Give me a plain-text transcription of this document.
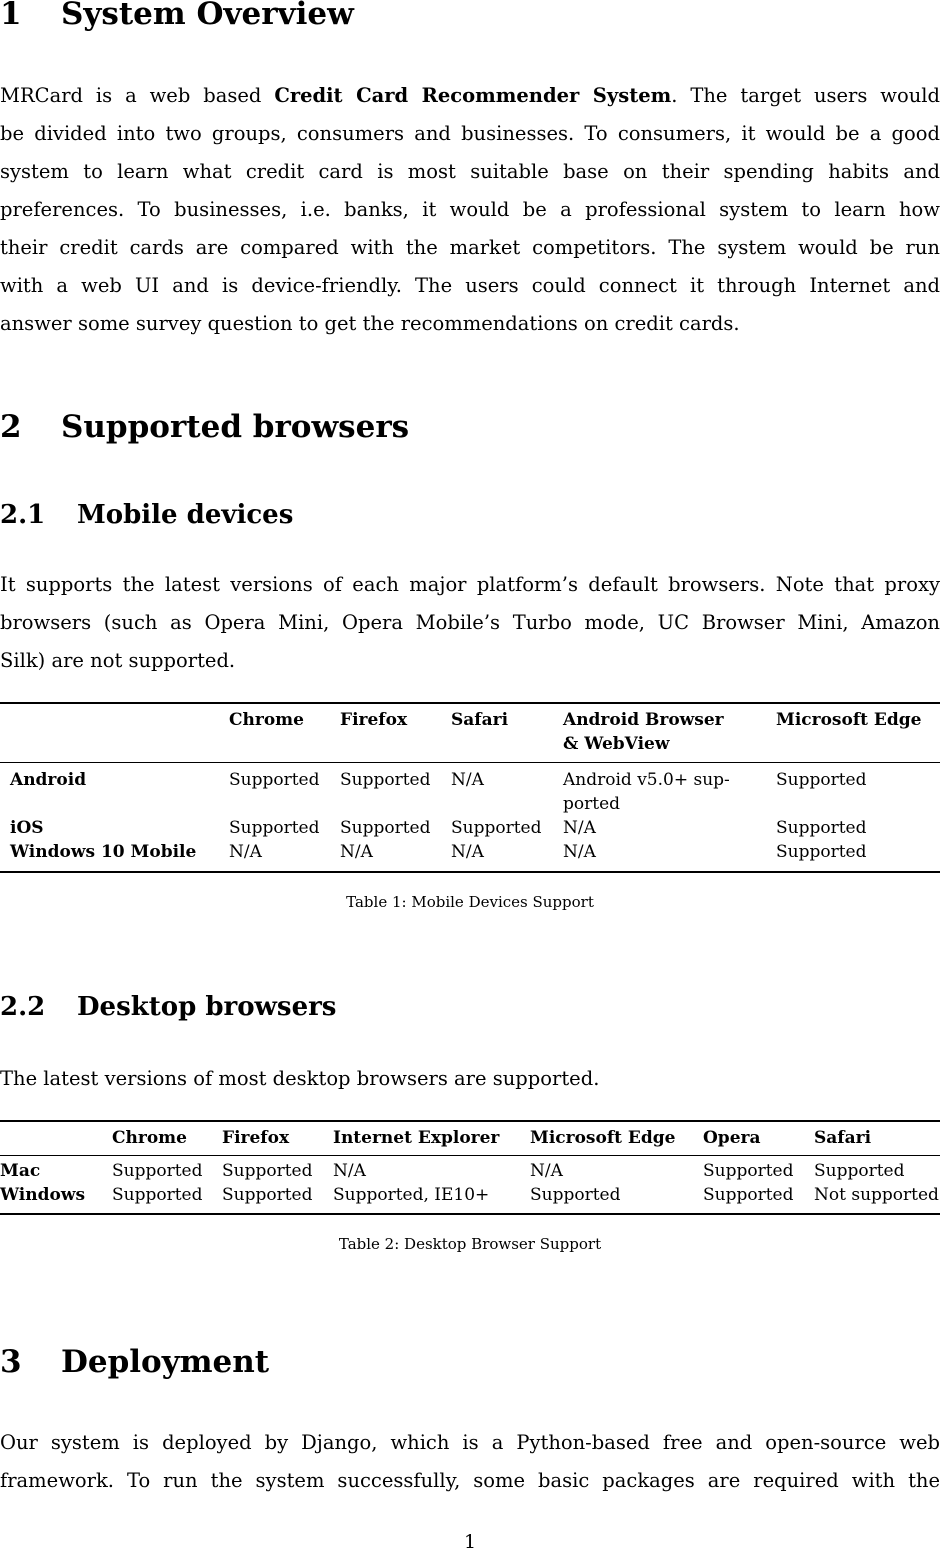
1 System Overview
MRCard is a web based Credit Card Recommender System. The target users would
be divided into two groups, consumers and businesses. To consumers, it would be a good
system to learn what credit card is most suitable base on their spending habits and
preferences. To businesses, i.e. banks, it would be a professional system to learn how
their credit cards are compared with the market competitors. The system would be run
with a web UI and is device-friendly. The users could connect it through Internet and
answer some survey question to get the recommendations on credit cards.
2 Supported browsers
2.1 Mobile devices
It supports the latest versions of each major platform’s default browsers. Note that proxy
browsers (such as Opera Mini, Opera Mobile’s Turbo mode, UC Browser Mini, Amazon
Silk) are not supported.
	Chrome	Firefox	Safari	Android Browser
& WebView	Microsoft Edge

Android	Supported	Supported	N/A	Android v5.0+ sup-
ported	Supported
iOS	Supported	Supported	Supported	N/A	Supported
Windows 10 Mobile	N/A	N/A	N/A	N/A	Supported
Table 1: Mobile Devices Support
2.2 Desktop browsers
The latest versions of most desktop browsers are supported.
	Chrome	Firefox	Internet Explorer	Microsoft Edge	Opera	Safari

Mac	Supported	Supported	N/A	N/A	Supported	Supported
Windows	Supported	Supported	Supported, IE10+	Supported	Supported	Not supported
Table 2: Desktop Browser Support
3 Deployment
Our system is deployed by Django, which is a Python-based free and open-source web
framework. To run the system successfully, some basic packages are required with the
1
